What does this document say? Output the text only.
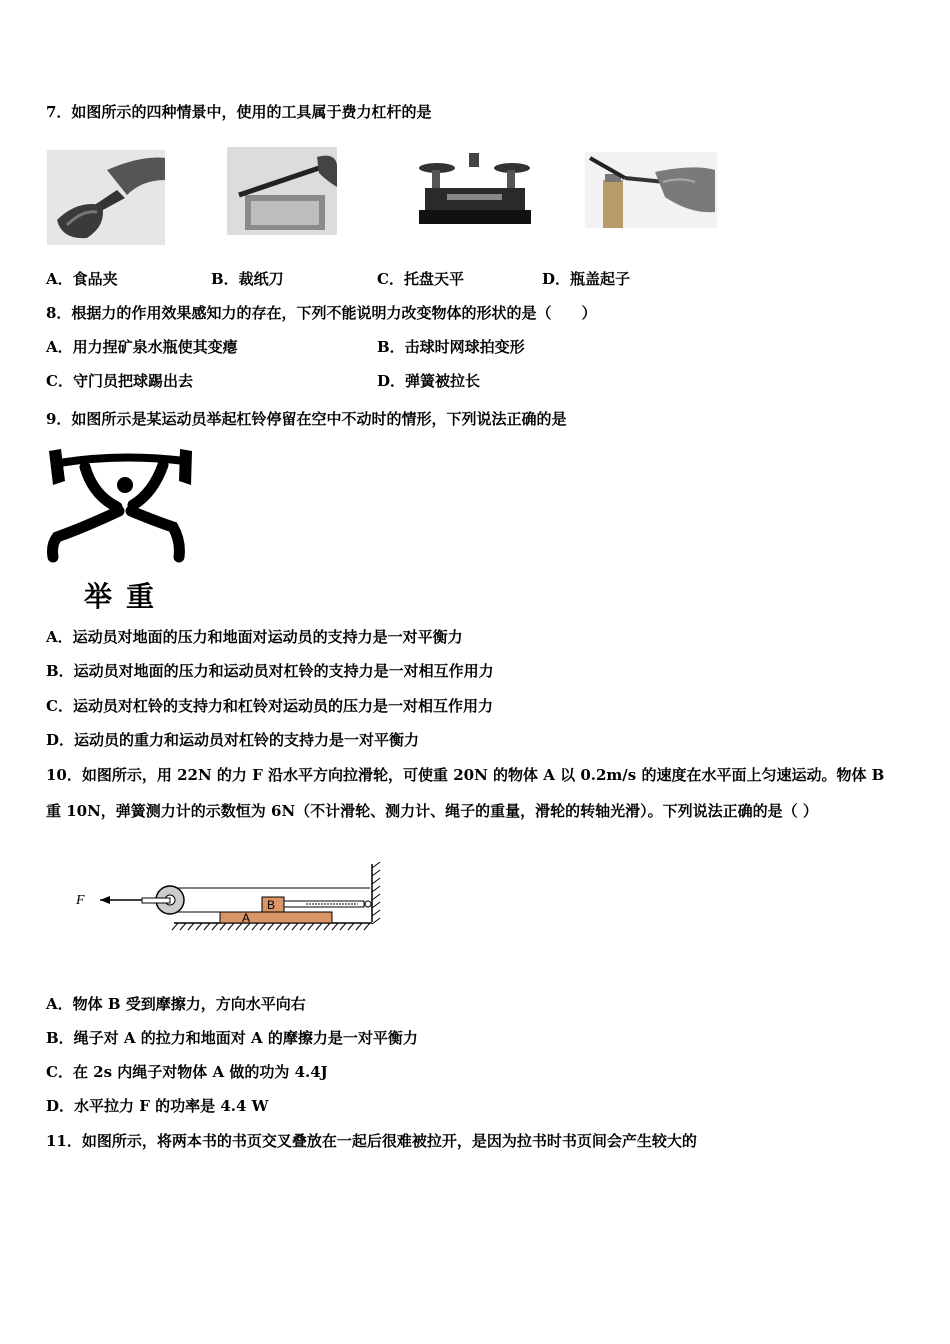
7．如图所示的四种情景中，使用的工具属于费力杠杆的是
A．食品夹	B．裁纸刀	C．托盘天平	D．瓶盖起子
8．根据力的作用效果感知力的存在，下列不能说明力改变物体的形状的是（　　）
A．用力捏矿泉水瓶使其变瘪	B．击球时网球拍变形
C．守门员把球踢出去	D．弹簧被拉长
9．如图所示是某运动员举起杠铃停留在空中不动时的情形，下列说法正确的是
举重
A．运动员对地面的压力和地面对运动员的支持力是一对平衡力
B．运动员对地面的压力和运动员对杠铃的支持力是一对相互作用力
C．运动员对杠铃的支持力和杠铃对运动员的压力是一对相互作用力
D．运动员的重力和运动员对杠铃的支持力是一对平衡力
10．如图所示，用 22N 的力 F 沿水平方向拉滑轮，可使重 20N 的物体 A 以 0.2m/s 的速度在水平面上匀速运动。物体 B
重 10N，弹簧测力计的示数恒为 6N（不计滑轮、测力计、绳子的重量，滑轮的转轴光滑）。下列说法正确的是（ ）
F
A
B
A．物体 B 受到摩擦力，方向水平向右
B．绳子对 A 的拉力和地面对 A 的摩擦力是一对平衡力
C．在 2s 内绳子对物体 A 做的功为 4.4J
D．水平拉力 F 的功率是 4.4 W
11．如图所示，将两本书的书页交叉叠放在一起后很难被拉开，是因为拉书时书页间会产生较大的
